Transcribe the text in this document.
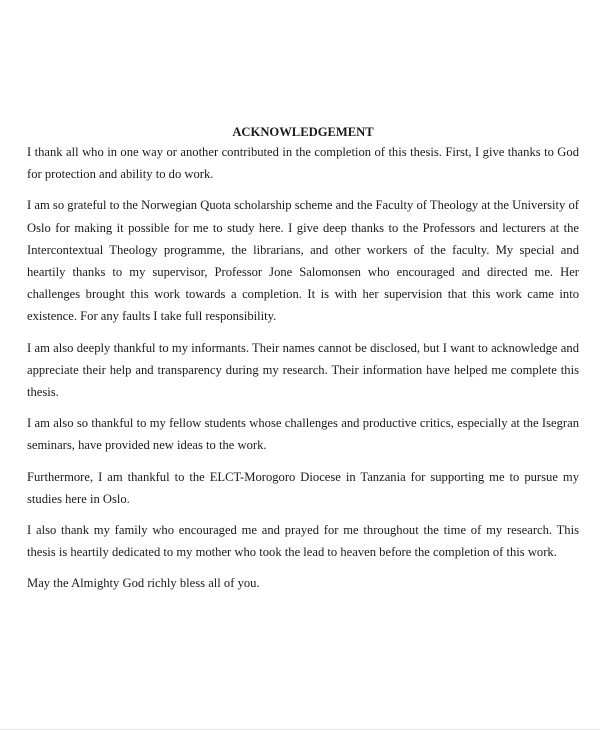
ACKNOWLEDGEMENT

I thank all who in one way or another contributed in the completion of this thesis. First, I give thanks to God for protection and ability to do work.

I am so grateful to the Norwegian Quota scholarship scheme and the Faculty of Theology at the University of Oslo for making it possible for me to study here. I give deep thanks to the Professors and lecturers at the Intercontextual Theology programme, the librarians, and other workers of the faculty. My special and heartily thanks to my supervisor, Professor Jone Salomonsen who encouraged and directed me. Her challenges brought this work towards a completion. It is with her supervision that this work came into existence. For any faults I take full responsibility.

I am also deeply thankful to my informants. Their names cannot be disclosed, but I want to acknowledge and appreciate their help and transparency during my research. Their information have helped me complete this thesis.

I am also so thankful to my fellow students whose challenges and productive critics, especially at the Isegran seminars, have provided new ideas to the work.

Furthermore, I am thankful to the ELCT-Morogoro Diocese in Tanzania for supporting me to pursue my studies here in Oslo.

I also thank my family who encouraged me and prayed for me throughout the time of my research. This thesis is heartily dedicated to my mother who took the lead to heaven before the completion of this work.

May the Almighty God richly bless all of you.
